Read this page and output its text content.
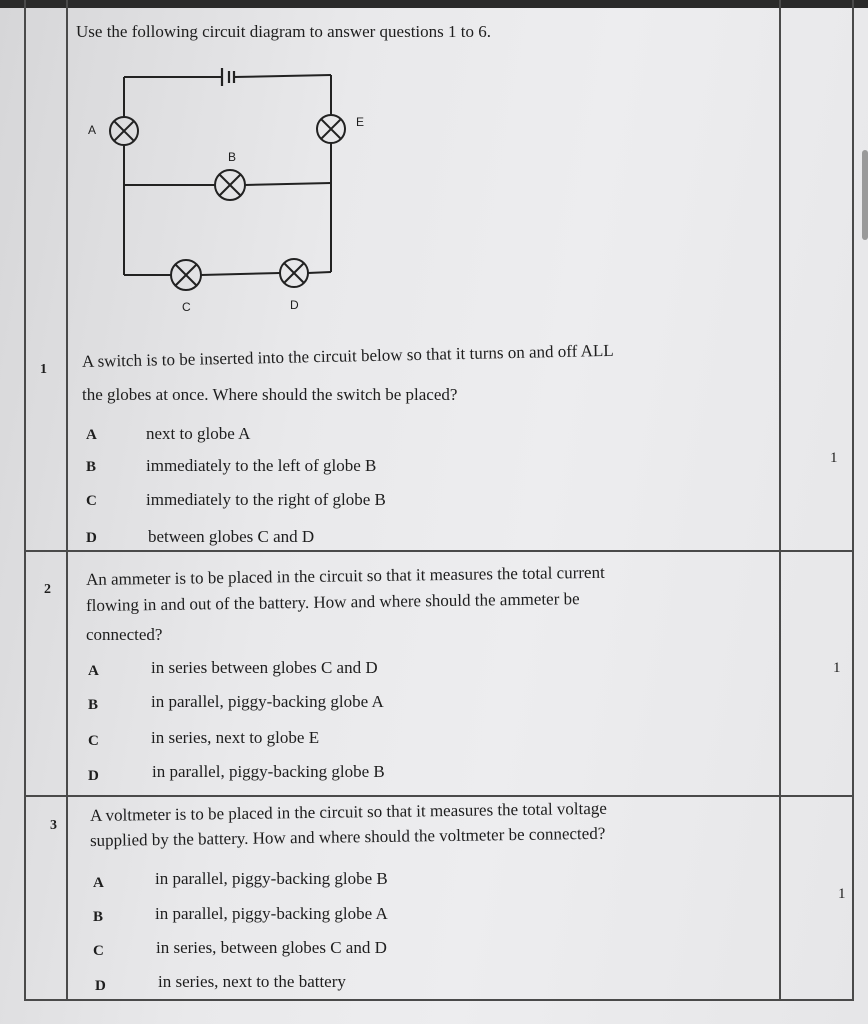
Use the following circuit diagram to answer questions 1 to 6.
A
E
B
C	D
1 A switch is to be inserted into the circuit below so that it turns on and off ALL
the globes at once. Where should the switch be placed?
A	next to globe A
B	immediately to the left of globe B
C	immediately to the right of globe B
D	between globes C and D
1
2
An ammeter is to be placed in the circuit so that it measures the total current
flowing in and out of the battery. How and where should the ammeter be
connected?
A	in series between globes C and D
B	in parallel, piggy-backing globe A
C	in series, next to globe E
D	in parallel, piggy-backing globe B
1
3
A voltmeter is to be placed in the circuit so that it measures the total voltage
supplied by the battery. How and where should the voltmeter be connected?
A	in parallel, piggy-backing globe B
B	in parallel, piggy-backing globe A
C	in series, between globes C and D
D	in series, next to the battery
1
